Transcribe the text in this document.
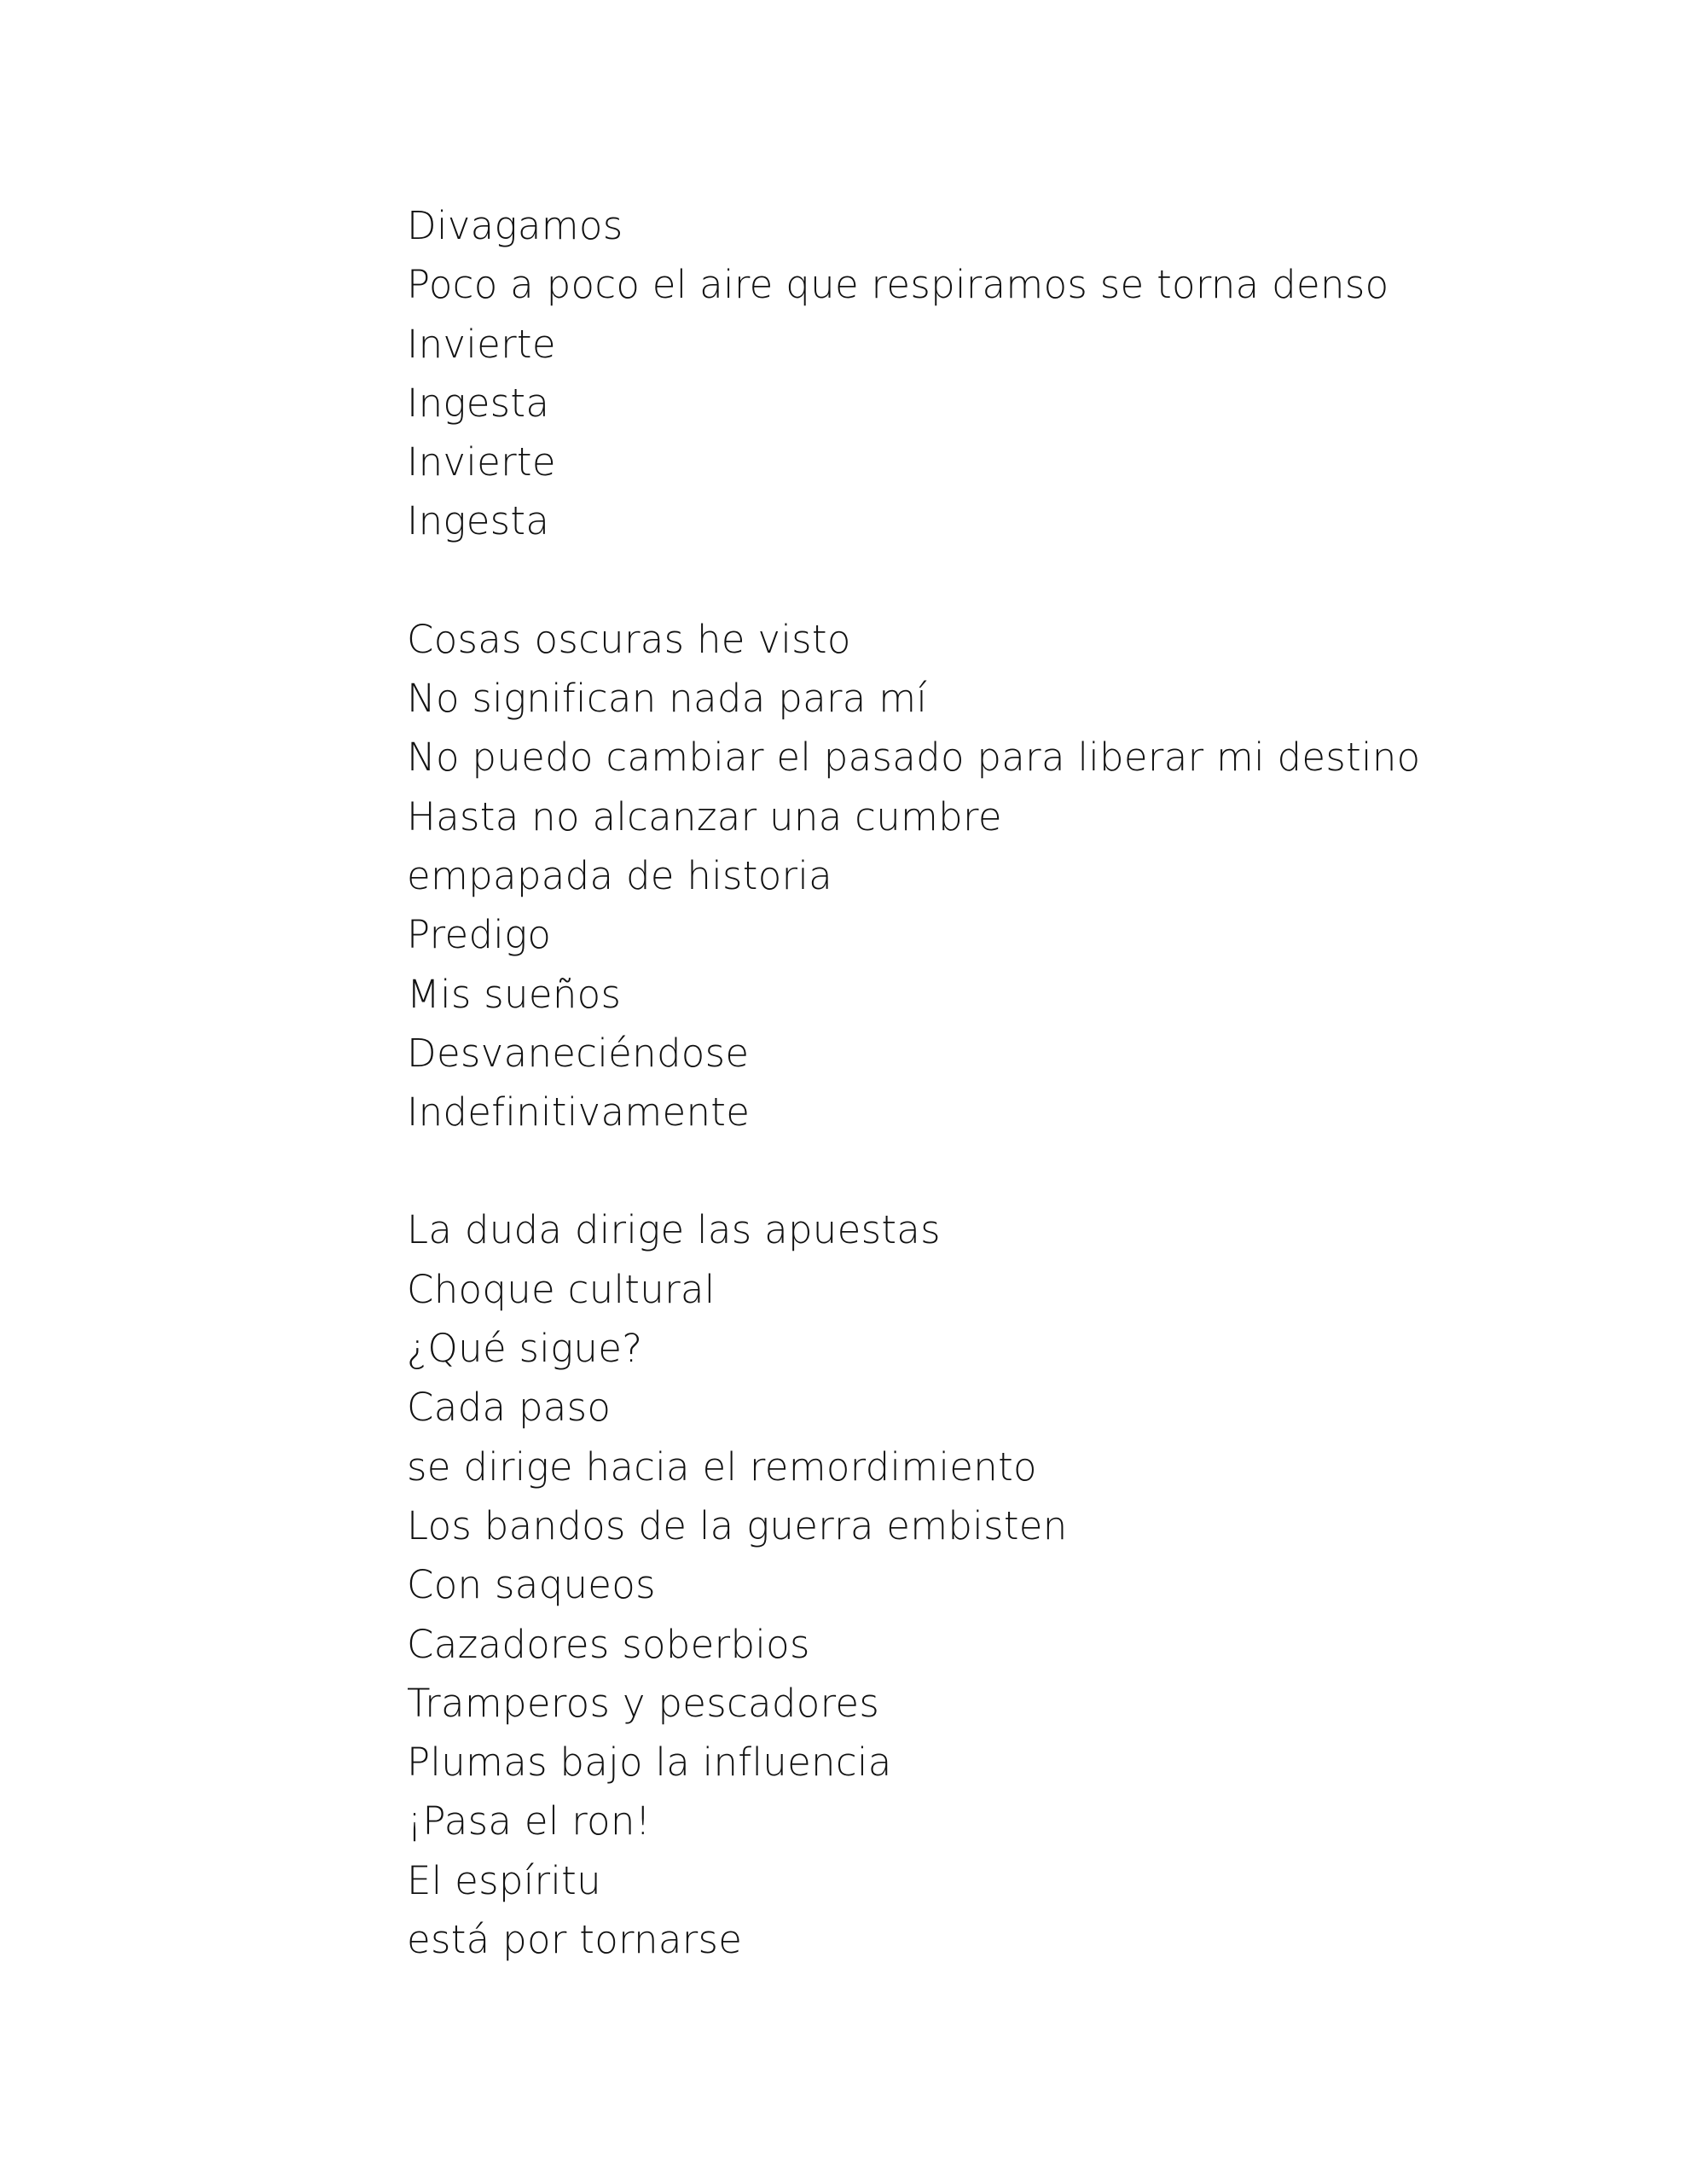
Divagamos
Poco a poco el aire que respiramos se torna denso
Invierte
Ingesta
Invierte
Ingesta
Cosas oscuras he visto
No significan nada para mí
No puedo cambiar el pasado para liberar mi destino
Hasta no alcanzar una cumbre
empapada de historia
Predigo
Mis sueños
Desvaneciéndose
Indefinitivamente
La duda dirige las apuestas
Choque cultural
¿Qué sigue?
Cada paso
se dirige hacia el remordimiento
Los bandos de la guerra embisten
Con saqueos
Cazadores soberbios
Tramperos y pescadores
Plumas bajo la influencia
¡Pasa el ron!
El espíritu
está por tornarse
